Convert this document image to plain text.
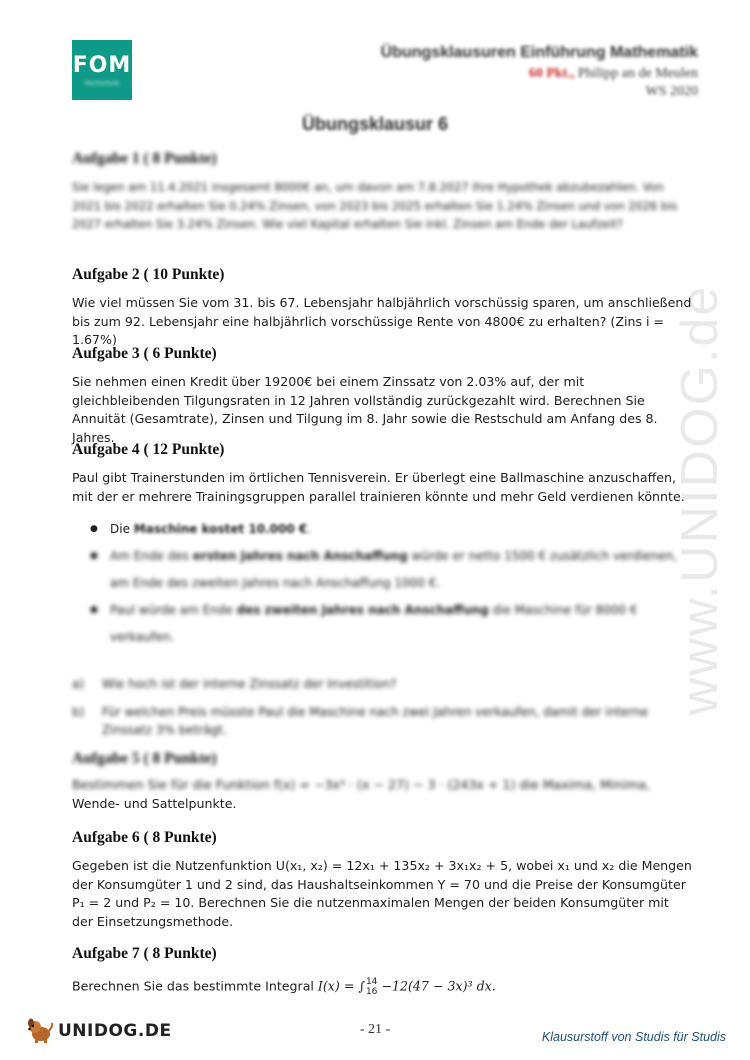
www.UNIDOG.de
FOM
Hochschule
Übungsklausuren Einführung Mathematik
60 Pkt., Philipp an de Meulen
WS 2020
Übungsklausur 6
Aufgabe 1 ( 8 Punkte)
Sie legen am 11.4.2021 insgesamt 8000€ an, um davon am 7.8.2027 Ihre Hypothek abzubezahlen. Von 2021 bis 2022 erhalten Sie 0.24% Zinsen, von 2023 bis 2025 erhalten Sie 1.24% Zinsen und von 2026 bis 2027 erhalten Sie 3.24% Zinsen. Wie viel Kapital erhalten Sie inkl. Zinsen am Ende der Laufzeit?
Aufgabe 2 ( 10 Punkte)
Wie viel müssen Sie vom 31. bis 67. Lebensjahr halbjährlich vorschüssig sparen, um anschließend bis zum 92. Lebensjahr eine halbjährlich vorschüssige Rente von 4800€ zu erhalten? (Zins i = 1.67%)
Aufgabe 3 ( 6 Punkte)
Sie nehmen einen Kredit über 19200€ bei einem Zinssatz von 2.03% auf, der mit gleichbleibenden Tilgungsraten in 12 Jahren vollständig zurückgezahlt wird. Berechnen Sie Annuität (Gesamtrate), Zinsen und Tilgung im 8. Jahr sowie die Restschuld am Anfang des 8. Jahres.
Aufgabe 4 ( 12 Punkte)
Paul gibt Trainerstunden im örtlichen Tennisverein. Er überlegt eine Ballmaschine anzuschaffen, mit der er mehrere Trainingsgruppen parallel trainieren könnte und mehr Geld verdienen könnte.
● Die Maschine kostet 10.000 €.
● Am Ende des ersten Jahres nach Anschaffung würde er netto 1500 € zusätzlich verdienen, am Ende des zweiten Jahres nach Anschaffung 1000 €.
● Paul würde am Ende des zweiten Jahres nach Anschaffung die Maschine für 8000 € verkaufen.
a)	Wie hoch ist der interne Zinssatz der Investition?
b)	Für welchen Preis müsste Paul die Maschine nach zwei Jahren verkaufen, damit der interne Zinssatz 3% beträgt.
Aufgabe 5 ( 8 Punkte)
Bestimmen Sie für die Funktion f(x) = −3x³ · (x − 27) − 3 · (243x + 1) die Maxima, Minima,
Wende- und Sattelpunkte.
Aufgabe 6 ( 8 Punkte)
Gegeben ist die Nutzenfunktion U(x₁, x₂) = 12x₁ + 135x₂ + 3x₁x₂ + 5, wobei x₁ und x₂ die Mengen der Konsumgüter 1 und 2 sind, das Haushaltseinkommen Y = 70 und die Preise der Konsumgüter P₁ = 2 und P₂ = 10. Berechnen Sie die nutzenmaximalen Mengen der beiden Konsumgüter mit der Einsetzungsmethode.
Aufgabe 7 ( 8 Punkte)
Berechnen Sie das bestimmte Integral I(x) = ∫ 14
16 −12(47 − 3x)³ dx.
UNIDOG.DE	- 21 -	Klausurstoff von Studis für Studis
